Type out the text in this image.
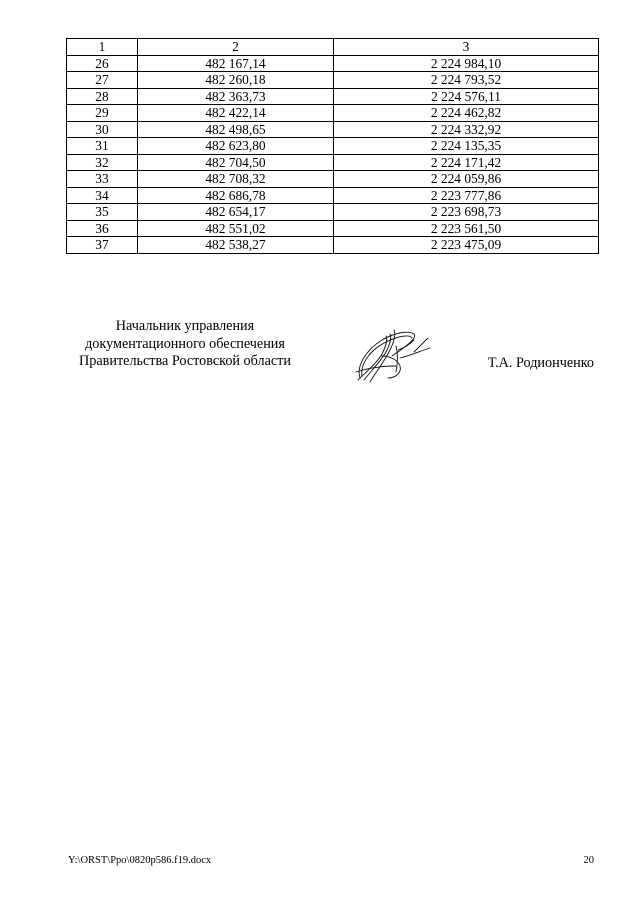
1	2	3
26	482 167,14	2 224 984,10
27	482 260,18	2 224 793,52
28	482 363,73	2 224 576,11
29	482 422,14	2 224 462,82
30	482 498,65	2 224 332,92
31	482 623,80	2 224 135,35
32	482 704,50	2 224 171,42
33	482 708,32	2 224 059,86
34	482 686,78	2 223 777,86
35	482 654,17	2 223 698,73
36	482 551,02	2 223 561,50
37	482 538,27	2 223 475,09
Начальник управления
документационного обеспечения
Правительства Ростовской области	Т.А. Родионченко
Y:\ORST\Ppo\0820p586.f19.docx	20
